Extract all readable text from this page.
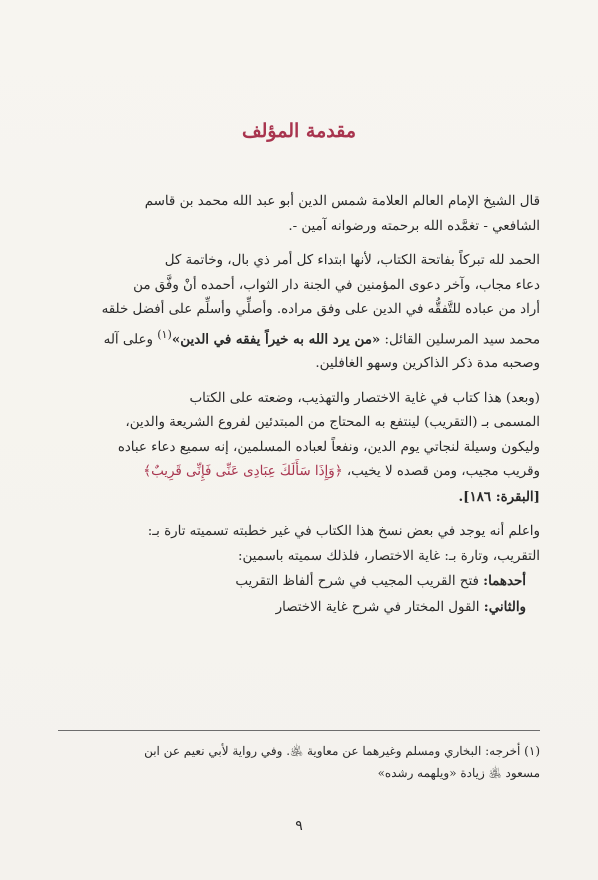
مقدمة المؤلف

قال الشيخ الإمام العالم العلامة شمس الدين أبو عبد الله محمد بن قاسم
الشافعي - تغمَّده الله برحمته ورضوانه آمين -.

الحمد لله تبركاً بفاتحة الكتاب، لأنها ابتداء كل أمر ذي بال، وخاتمة كل
دعاء مجاب، وآخر دعوى المؤمنين في الجنة دار الثواب، أحمده أنْ وفَّق من
أراد من عباده للتَّفقُّه في الدين على وفق مراده. وأصلِّي وأسلِّم على أفضل خلقه
محمد سيد المرسلين القائل: «من يرد الله به خيراً يفقه في الدين»$^{(١)}$ وعلى آله
وصحبه مدة ذكر الذاكرين وسهو الغافلين.

(وبعد) هذا كتاب في غاية الاختصار والتهذيب، وضعته على الكتاب
المسمى بـ (التقريب) لينتفع به المحتاج من المبتدئين لفروع الشريعة والدين،
وليكون وسيلة لنجاتي يوم الدين، ونفعاً لعباده المسلمين، إنه سميع دعاء عباده
وقريب مجيب، ومن قصده لا يخيب، ﴿وَإِذَا سَأَلَكَ عِبَادِى عَنِّى فَإِنِّى قَرِيبٌ﴾
[البقرة: ١٨٦].

واعلم أنه يوجد في بعض نسخ هذا الكتاب في غير خطبته تسميته تارة بـ:
التقريب، وتارة بـ: غاية الاختصار، فلذلك سميته باسمين:
أحدهما: فتح القريب المجيب في شرح ألفاظ التقريب
والثاني: القول المختار في شرح غاية الاختصار

(١) أخرجه: البخاري ومسلم وغيرهما عن معاوية ﵁. وفي رواية لأبي نعيم عن ابن
مسعود ﵁ زيادة «ويلهمه رشده»
٩
